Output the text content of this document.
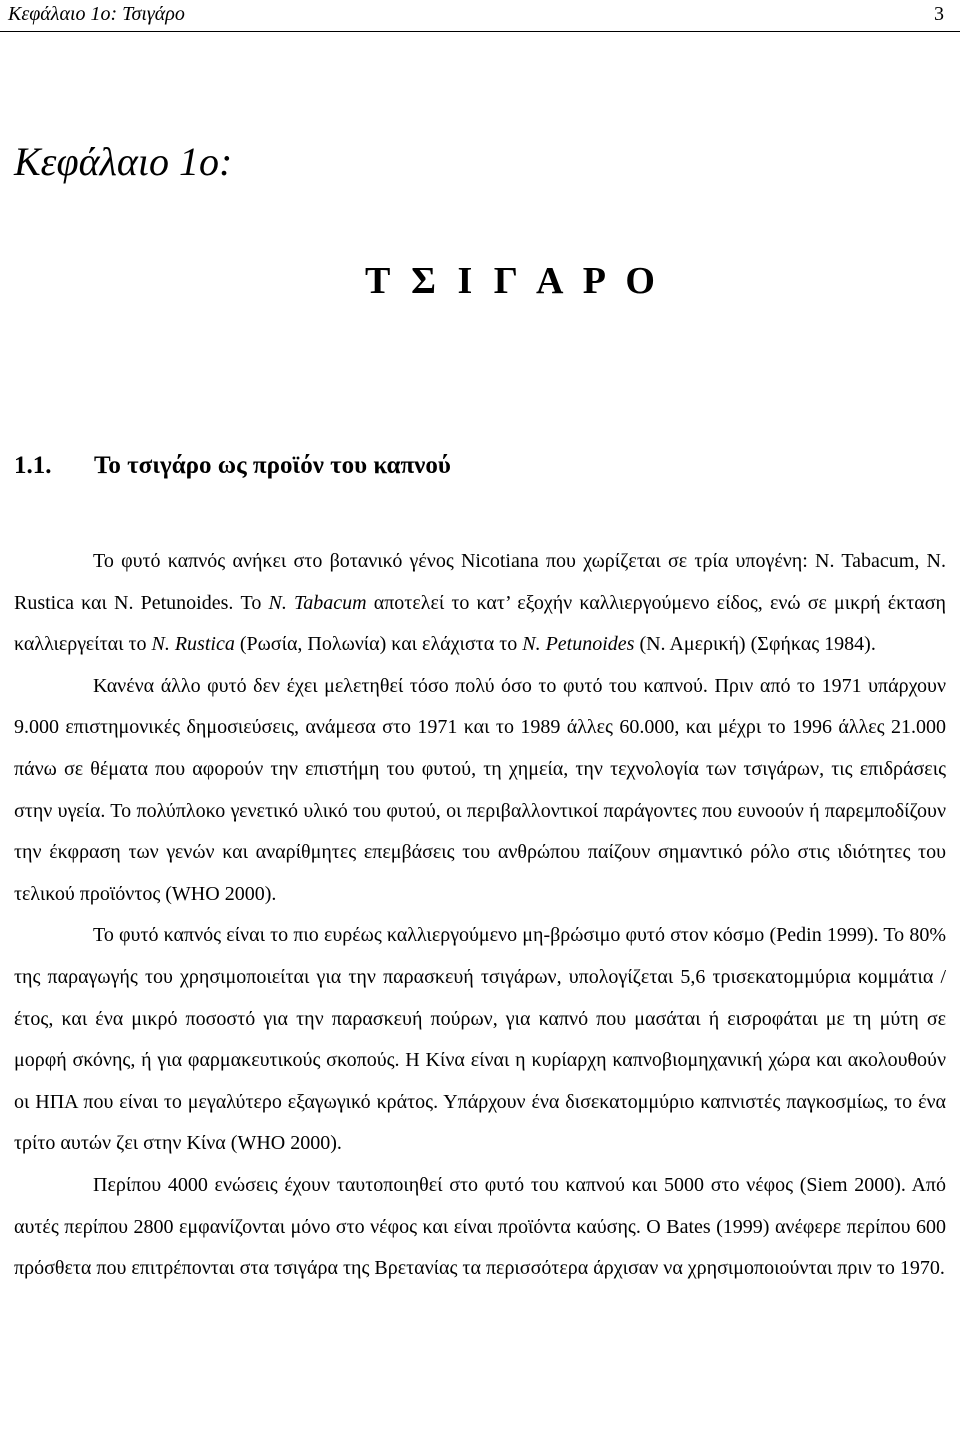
Κεφάλαιο 1ο: Τσιγάρο	3
Κεφάλαιο 1ο:
Τ Σ Ι Γ Α Ρ Ο
1.1. Το τσιγάρο ως προϊόν του καπνού

Το φυτό καπνός ανήκει στο βοτανικό γένος Nicotiana που χωρίζεται σε τρία υπογένη: N. Tabacum, N. Rustica και N. Petunoides. Το N. Tabacum αποτελεί το κατ’ εξοχήν καλλιεργούμενο είδος, ενώ σε μικρή έκταση καλλιεργείται το N. Rustica (Ρωσία, Πολωνία) και ελάχιστα το N. Petunoides (Ν. Αμερική) (Σφήκας 1984).

Κανένα άλλο φυτό δεν έχει μελετηθεί τόσο πολύ όσο το φυτό του καπνού. Πριν από το 1971 υπάρχουν 9.000 επιστημονικές δημοσιεύσεις, ανάμεσα στο 1971 και το 1989 άλλες 60.000, και μέχρι το 1996 άλλες 21.000 πάνω σε θέματα που αφορούν την επιστήμη του φυτού, τη χημεία, την τεχνολογία των τσιγάρων, τις επιδράσεις στην υγεία. Το πολύπλοκο γενετικό υλικό του φυτού, οι περιβαλλοντικοί παράγοντες που ευνοούν ή παρεμποδίζουν την έκφραση των γενών και αναρίθμητες επεμβάσεις του ανθρώπου παίζουν σημαντικό ρόλο στις ιδιότητες του τελικού προϊόντος (WHO 2000).

Το φυτό καπνός είναι το πιο ευρέως καλλιεργούμενο μη-βρώσιμο φυτό στον κόσμο (Pedin 1999). Το 80% της παραγωγής του χρησιμοποιείται για την παρασκευή τσιγάρων, υπολογίζεται 5,6 τρισεκατομμύρια κομμάτια / έτος, και ένα μικρό ποσοστό για την παρασκευή πούρων, για καπνό που μασάται ή εισροφάται με τη μύτη σε μορφή σκόνης, ή για φαρμακευτικούς σκοπούς. Η Κίνα είναι η κυρίαρχη καπνοβιομηχανική χώρα και ακολουθούν οι ΗΠΑ που είναι το μεγαλύτερο εξαγωγικό κράτος. Υπάρχουν ένα δισεκατομμύριο καπνιστές παγκοσμίως, το ένα τρίτο αυτών ζει στην Κίνα (WHO 2000).

Περίπου 4000 ενώσεις έχουν ταυτοποιηθεί στο φυτό του καπνού και 5000 στο νέφος (Siem 2000). Από αυτές περίπου 2800 εμφανίζονται μόνο στο νέφος και είναι προϊόντα καύσης. Ο Bates (1999) ανέφερε περίπου 600 πρόσθετα που επιτρέπονται στα τσιγάρα της Βρετανίας τα περισσότερα άρχισαν να χρησιμοποιούνται πριν το 1970.
